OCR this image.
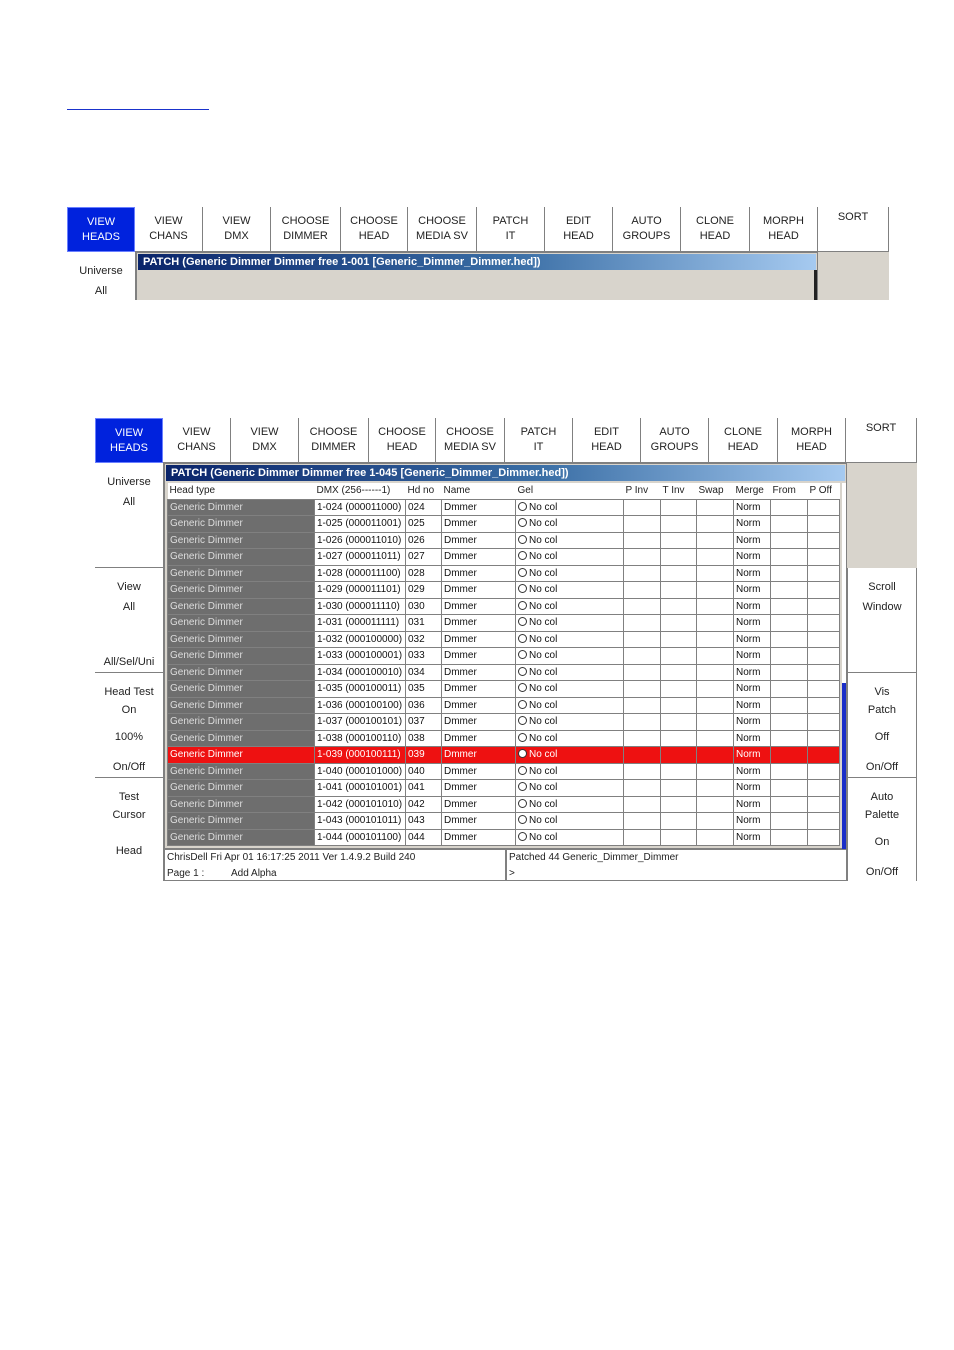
VIEW
HEADS
VIEW
CHANS
VIEW
DMX
CHOOSE
DIMMER
CHOOSE
HEAD
CHOOSE
MEDIA SV
PATCH
IT
EDIT
HEAD
AUTO
GROUPS
CLONE
HEAD
MORPH
HEAD
SORT
Universe
All
PATCH (Generic Dimmer Dimmer free 1-001 [Generic_Dimmer_Dimmer.hed])
VIEW
HEADS
VIEW
CHANS
VIEW
DMX
CHOOSE
DIMMER
CHOOSE
HEAD
CHOOSE
MEDIA SV
PATCH
IT
EDIT
HEAD
AUTO
GROUPS
CLONE
HEAD
MORPH
HEAD
SORT
Universe
All
View
All
All/Sel/Uni
Head Test
On
100%
On/Off
Test
Cursor
Head
PATCH (Generic Dimmer Dimmer free 1-045 [Generic_Dimmer_Dimmer.hed])
Head type	DMX (256------1)	Hd no	Name	Gel	P Inv	T Inv	Swap	Merge	From	P Off
Generic Dimmer	1-024 (000011000)	024	Dmmer	No col				Norm		
Generic Dimmer	1-025 (000011001)	025	Dmmer	No col				Norm		
Generic Dimmer	1-026 (000011010)	026	Dmmer	No col				Norm		
Generic Dimmer	1-027 (000011011)	027	Dmmer	No col				Norm		
Generic Dimmer	1-028 (000011100)	028	Dmmer	No col				Norm		
Generic Dimmer	1-029 (000011101)	029	Dmmer	No col				Norm		
Generic Dimmer	1-030 (000011110)	030	Dmmer	No col				Norm		
Generic Dimmer	1-031 (000011111)	031	Dmmer	No col				Norm		
Generic Dimmer	1-032 (000100000)	032	Dmmer	No col				Norm		
Generic Dimmer	1-033 (000100001)	033	Dmmer	No col				Norm		
Generic Dimmer	1-034 (000100010)	034	Dmmer	No col				Norm		
Generic Dimmer	1-035 (000100011)	035	Dmmer	No col				Norm		
Generic Dimmer	1-036 (000100100)	036	Dmmer	No col				Norm		
Generic Dimmer	1-037 (000100101)	037	Dmmer	No col				Norm		
Generic Dimmer	1-038 (000100110)	038	Dmmer	No col				Norm		
Generic Dimmer	1-039 (000100111)	039	Dmmer	No col				Norm		
Generic Dimmer	1-040 (000101000)	040	Dmmer	No col				Norm		
Generic Dimmer	1-041 (000101001)	041	Dmmer	No col				Norm		
Generic Dimmer	1-042 (000101010)	042	Dmmer	No col				Norm		
Generic Dimmer	1-043 (000101011)	043	Dmmer	No col				Norm		
Generic Dimmer	1-044 (000101100)	044	Dmmer	No col				Norm		
ChrisDell Fri Apr 01 16:17:25 2011 Ver 1.4.9.2 Build 240
Page 1 :	Add Alpha
Patched 44 Generic_Dimmer_Dimmer
>
Scroll
Window
Vis
Patch
Off
On/Off
Auto
Palette
On
On/Off
